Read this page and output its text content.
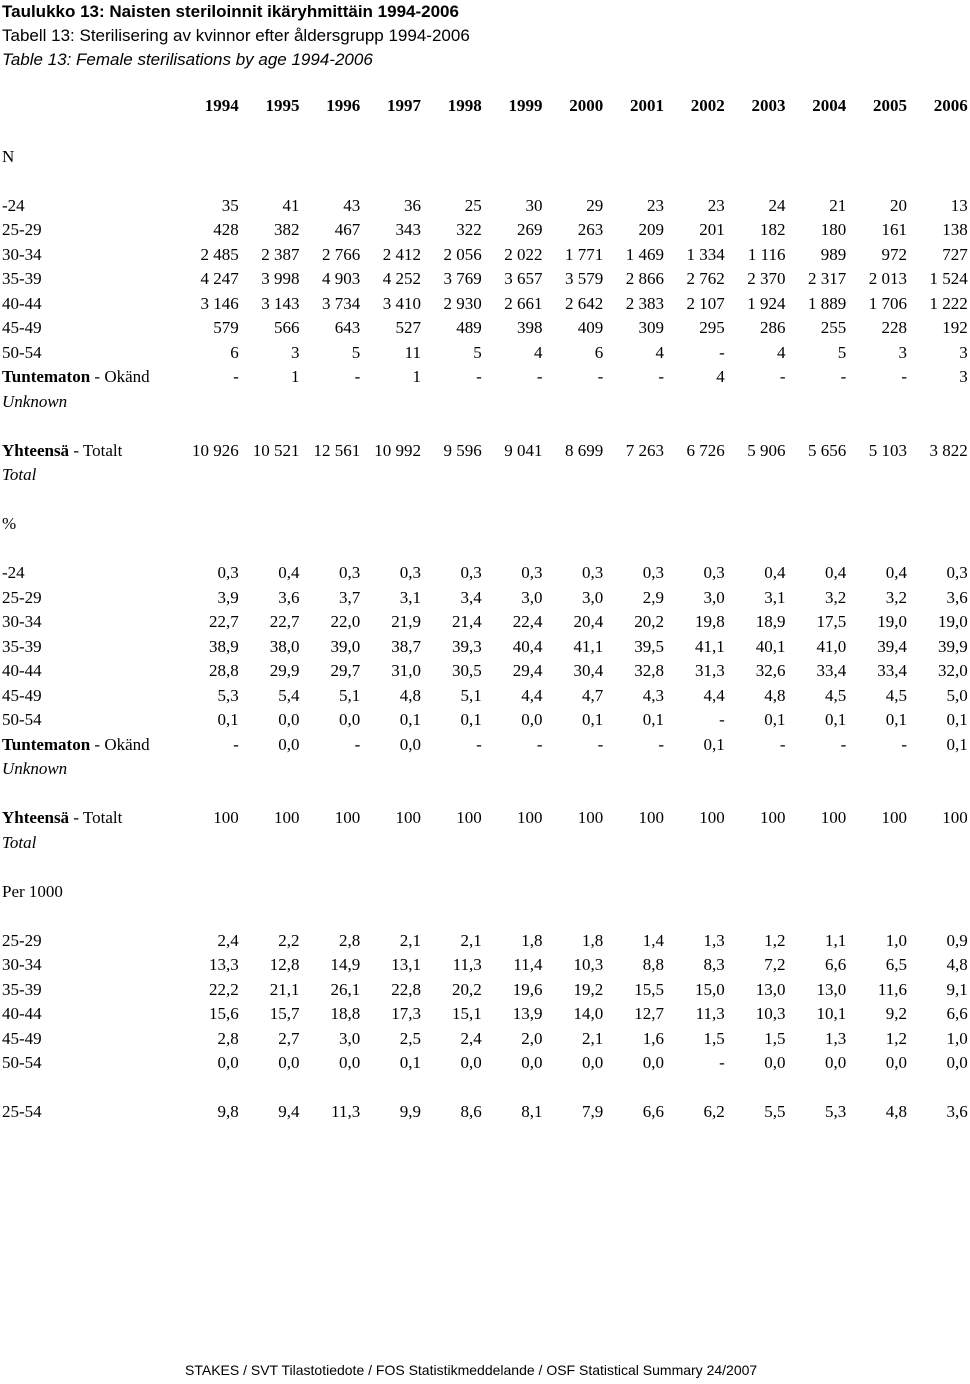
Taulukko 13: Naisten steriloinnit ikäryhmittäin 1994-2006
Tabell 13: Sterilisering av kvinnor efter åldersgrupp 1994-2006
Table 13: Female sterilisations by age 1994-2006
	1994	1995	1996	1997	1998	1999	2000	2001	2002	2003	2004	2005	2006

N													

-24	35	41	43	36	25	30	29	23	23	24	21	20	13
25-29	428	382	467	343	322	269	263	209	201	182	180	161	138
30-34	2 485	2 387	2 766	2 412	2 056	2 022	1 771	1 469	1 334	1 116	989	972	727
35-39	4 247	3 998	4 903	4 252	3 769	3 657	3 579	2 866	2 762	2 370	2 317	2 013	1 524
40-44	3 146	3 143	3 734	3 410	2 930	2 661	2 642	2 383	2 107	1 924	1 889	1 706	1 222
45-49	579	566	643	527	489	398	409	309	295	286	255	228	192
50-54	6	3	5	11	5	4	6	4	-	4	5	3	3
Tuntematon - Okänd	-	1	-	1	-	-	-	-	4	-	-	-	3
Unknown													

Yhteensä - Totalt	10 926	10 521	12 561	10 992	9 596	9 041	8 699	7 263	6 726	5 906	5 656	5 103	3 822
Total													

%													

-24	0,3	0,4	0,3	0,3	0,3	0,3	0,3	0,3	0,3	0,4	0,4	0,4	0,3
25-29	3,9	3,6	3,7	3,1	3,4	3,0	3,0	2,9	3,0	3,1	3,2	3,2	3,6
30-34	22,7	22,7	22,0	21,9	21,4	22,4	20,4	20,2	19,8	18,9	17,5	19,0	19,0
35-39	38,9	38,0	39,0	38,7	39,3	40,4	41,1	39,5	41,1	40,1	41,0	39,4	39,9
40-44	28,8	29,9	29,7	31,0	30,5	29,4	30,4	32,8	31,3	32,6	33,4	33,4	32,0
45-49	5,3	5,4	5,1	4,8	5,1	4,4	4,7	4,3	4,4	4,8	4,5	4,5	5,0
50-54	0,1	0,0	0,0	0,1	0,1	0,0	0,1	0,1	-	0,1	0,1	0,1	0,1
Tuntematon - Okänd	-	0,0	-	0,0	-	-	-	-	0,1	-	-	-	0,1
Unknown													

Yhteensä - Totalt	100	100	100	100	100	100	100	100	100	100	100	100	100
Total													

Per 1000													

25-29	2,4	2,2	2,8	2,1	2,1	1,8	1,8	1,4	1,3	1,2	1,1	1,0	0,9
30-34	13,3	12,8	14,9	13,1	11,3	11,4	10,3	8,8	8,3	7,2	6,6	6,5	4,8
35-39	22,2	21,1	26,1	22,8	20,2	19,6	19,2	15,5	15,0	13,0	13,0	11,6	9,1
40-44	15,6	15,7	18,8	17,3	15,1	13,9	14,0	12,7	11,3	10,3	10,1	9,2	6,6
45-49	2,8	2,7	3,0	2,5	2,4	2,0	2,1	1,6	1,5	1,5	1,3	1,2	1,0
50-54	0,0	0,0	0,0	0,1	0,0	0,0	0,0	0,0	-	0,0	0,0	0,0	0,0

25-54	9,8	9,4	11,3	9,9	8,6	8,1	7,9	6,6	6,2	5,5	5,3	4,8	3,6
STAKES / SVT Tilastotiedote / FOS Statistikmeddelande / OSF Statistical Summary 24/2007
